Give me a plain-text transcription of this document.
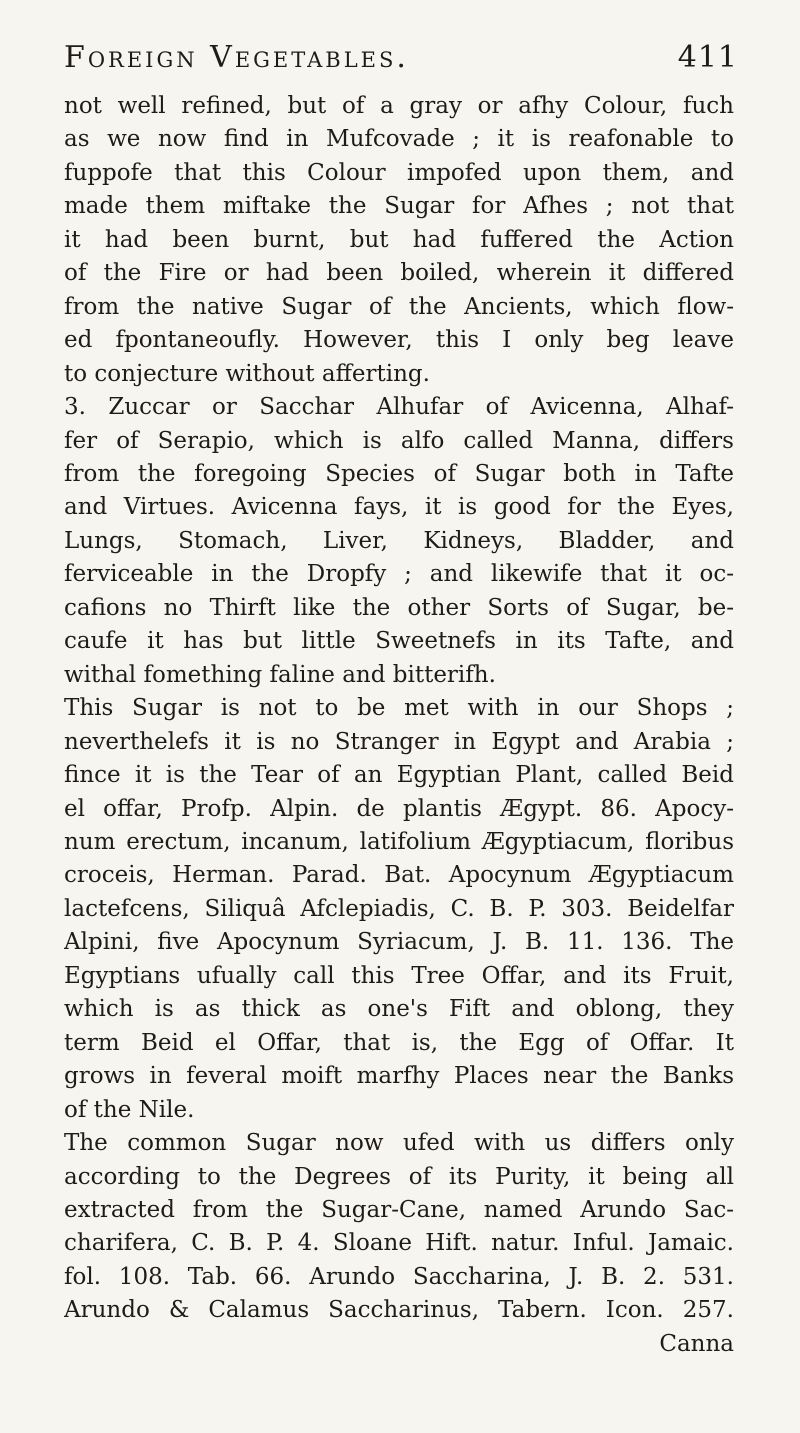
Foreign Vegetables.	411
not well refined, but of a gray or afhy Colour, fuch
as we now find in Mufcovade ; it is reafonable to
fuppofe that this Colour impofed upon them, and
made them miftake the Sugar for Afhes ; not that
it had been burnt, but had fuffered the Action
of the Fire or had been boiled, wherein it differed
from the native Sugar of the Ancients, which flow-
ed fpontaneoufly. However, this I only beg leave
to conjecture without afferting.
3. Zuccar or Sacchar Alhufar of Avicenna, Alhaf-
fer of Serapio, which is alfo called Manna, differs
from the foregoing Species of Sugar both in Tafte
and Virtues. Avicenna fays, it is good for the Eyes,
Lungs, Stomach, Liver, Kidneys, Bladder, and
ferviceable in the Dropfy ; and likewife that it oc-
cafions no Thirft like the other Sorts of Sugar, be-
caufe it has but little Sweetnefs in its Tafte, and
withal fomething faline and bitterifh.
This Sugar is not to be met with in our Shops ;
neverthelefs it is no Stranger in Egypt and Arabia ;
fince it is the Tear of an Egyptian Plant, called Beid
el offar, Profp. Alpin. de plantis Ægypt. 86. Apocy-
num erectum, incanum, latifolium Ægyptiacum, floribus
croceis, Herman. Parad. Bat. Apocynum Ægyptiacum
lactefcens, Siliquâ Afclepiadis, C. B. P. 303. Beidelfar
Alpini, five Apocynum Syriacum, J. B. 11. 136. The
Egyptians ufually call this Tree Offar, and its Fruit,
which is as thick as one's Fift and oblong, they
term Beid el Offar, that is, the Egg of Offar. It
grows in feveral moift marfhy Places near the Banks
of the Nile.
The common Sugar now ufed with us differs only
according to the Degrees of its Purity, it being all
extracted from the Sugar-Cane, named Arundo Sac-
charifera, C. B. P. 4. Sloane Hift. natur. Inful. Jamaic.
fol. 108. Tab. 66. Arundo Saccharina, J. B. 2. 531.
Arundo & Calamus Saccharinus, Tabern. Icon. 257.
Canna
